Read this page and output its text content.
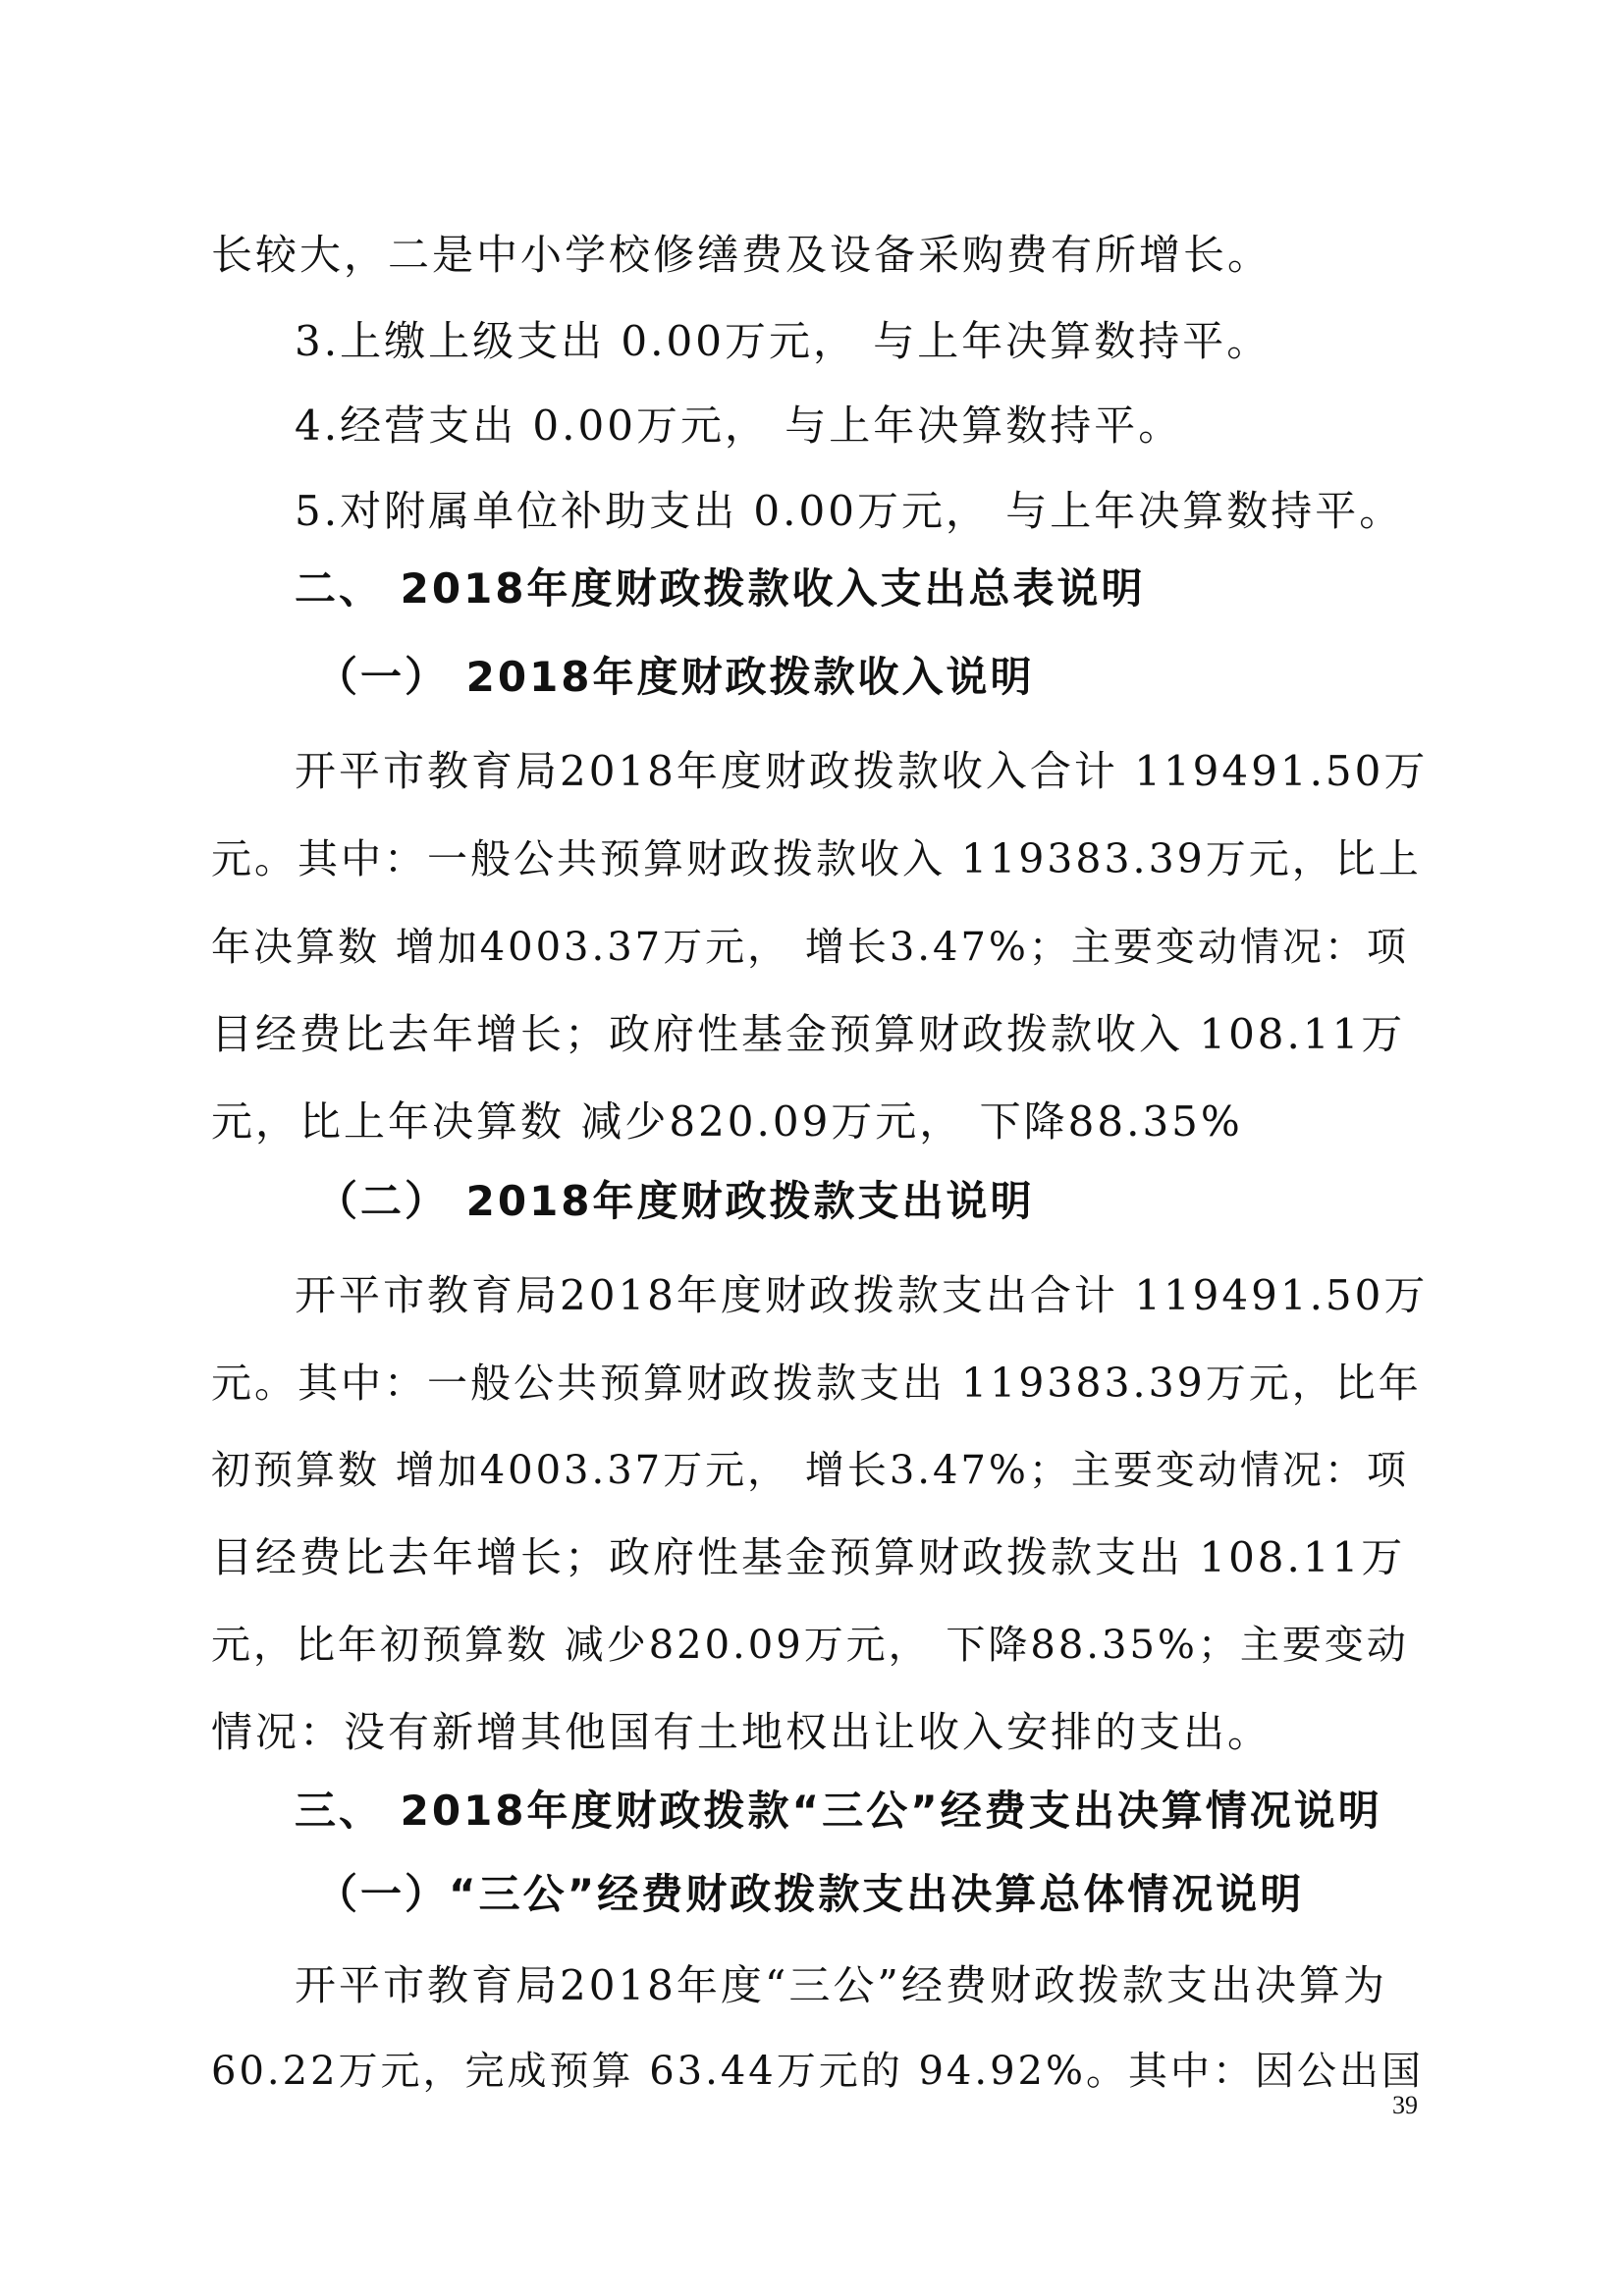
长较大，二是中小学校修缮费及设备采购费有所增长。
3.上缴上级支出 0.00万元， 与上年决算数持平。
4.经营支出 0.00万元， 与上年决算数持平。
5.对附属单位补助支出 0.00万元， 与上年决算数持平。
二、 2018年度财政拨款收入支出总表说明
（一） 2018年度财政拨款收入说明
开平市教育局2018年度财政拨款收入合计 119491.50万
元。其中：一般公共预算财政拨款收入 119383.39万元，比上
年决算数 增加4003.37万元， 增长3.47%；主要变动情况：项
目经费比去年增长；政府性基金预算财政拨款收入 108.11万
元，比上年决算数 减少820.09万元， 下降88.35%
（二） 2018年度财政拨款支出说明
开平市教育局2018年度财政拨款支出合计 119491.50万
元。其中：一般公共预算财政拨款支出 119383.39万元，比年
初预算数 增加4003.37万元， 增长3.47%；主要变动情况：项
目经费比去年增长；政府性基金预算财政拨款支出 108.11万
元，比年初预算数 减少820.09万元， 下降88.35%；主要变动
情况：没有新增其他国有土地权出让收入安排的支出。
三、 2018年度财政拨款“三公”经费支出决算情况说明
（一）“三公”经费财政拨款支出决算总体情况说明
开平市教育局2018年度“三公”经费财政拨款支出决算为
60.22万元，完成预算 63.44万元的 94.92%。其中：因公出国
39
